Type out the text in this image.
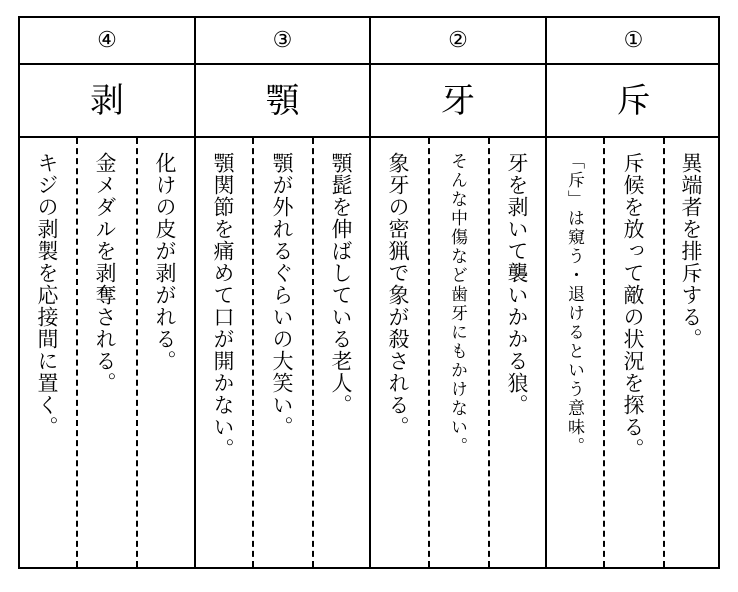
④
剥
キジの剥製を応接間に置く。 金メダルを剥奪される。 化けの皮が剥がれる。
③
顎
顎関節を痛めて口が開かない。 顎が外れるぐらいの大笑い。 顎髭を伸ばしている老人。
②
牙
象牙の密猟で象が殺される。 そんな中傷など歯牙にもかけない。 牙を剥いて襲いかかる狼。
①
斥
「斥」は窺う・退けるという意味。 斥候を放って敵の状況を探る。 異端者を排斥する。
